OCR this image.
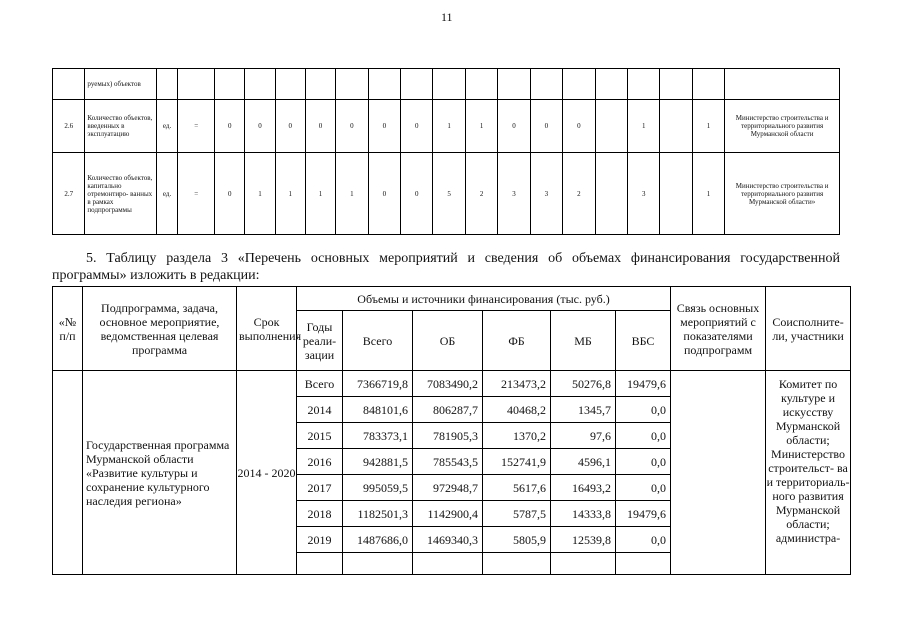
11
	руемых) объектов																			
2.6	Количество объектов, введенных в эксплуатацию	ед.	=	0	0	0	0	0	0	0	1	1	0	0	0		1		1	Министерство строительства и территориального развития Мурманской области
2.7	Количество объектов, капитально отремонтиро- ванных в рамках подпрограммы	ед.	=	0	1	1	1	1	0	0	5	2	3	3	2		3		1	Министерство строительства и территориального развития Мурманской области»
5. Таблицу раздела 3 «Перечень основных мероприятий и сведения об объемах финансирования государственной программы» изложить в редакции:
«№ п/п	Подпрограмма, задача, основное мероприятие, ведомственная целевая программа	Срок выполнения	Объемы и источники финансирования (тыс. руб.)						Связь основных мероприятий с показателями подпрограмм	Соисполните- ли, участники
			Годы реали- зации	Всего	ОБ	ФБ	МБ	ВБС		
	Государственная программа Мурманской области «Развитие культуры и сохранение культурного наследия региона»	2014 - 2020	Всего	7366719,8	7083490,2	213473,2	50276,8	19479,6		Комитет по культуре и искусству Мурманской области; Министерство строительст- ва и территориаль- ного развития Мурманской области; администра-

			2014	848101,6	806287,7	40468,2	1345,7	0,0		
			2015	783373,1	781905,3	1370,2	97,6	0,0		
			2016	942881,5	785543,5	152741,9	4596,1	0,0		
			2017	995059,5	972948,7	5617,6	16493,2	0,0		
			2018	1182501,3	1142900,4	5787,5	14333,8	19479,6		
			2019	1487686,0	1469340,3	5805,9	12539,8	0,0		
